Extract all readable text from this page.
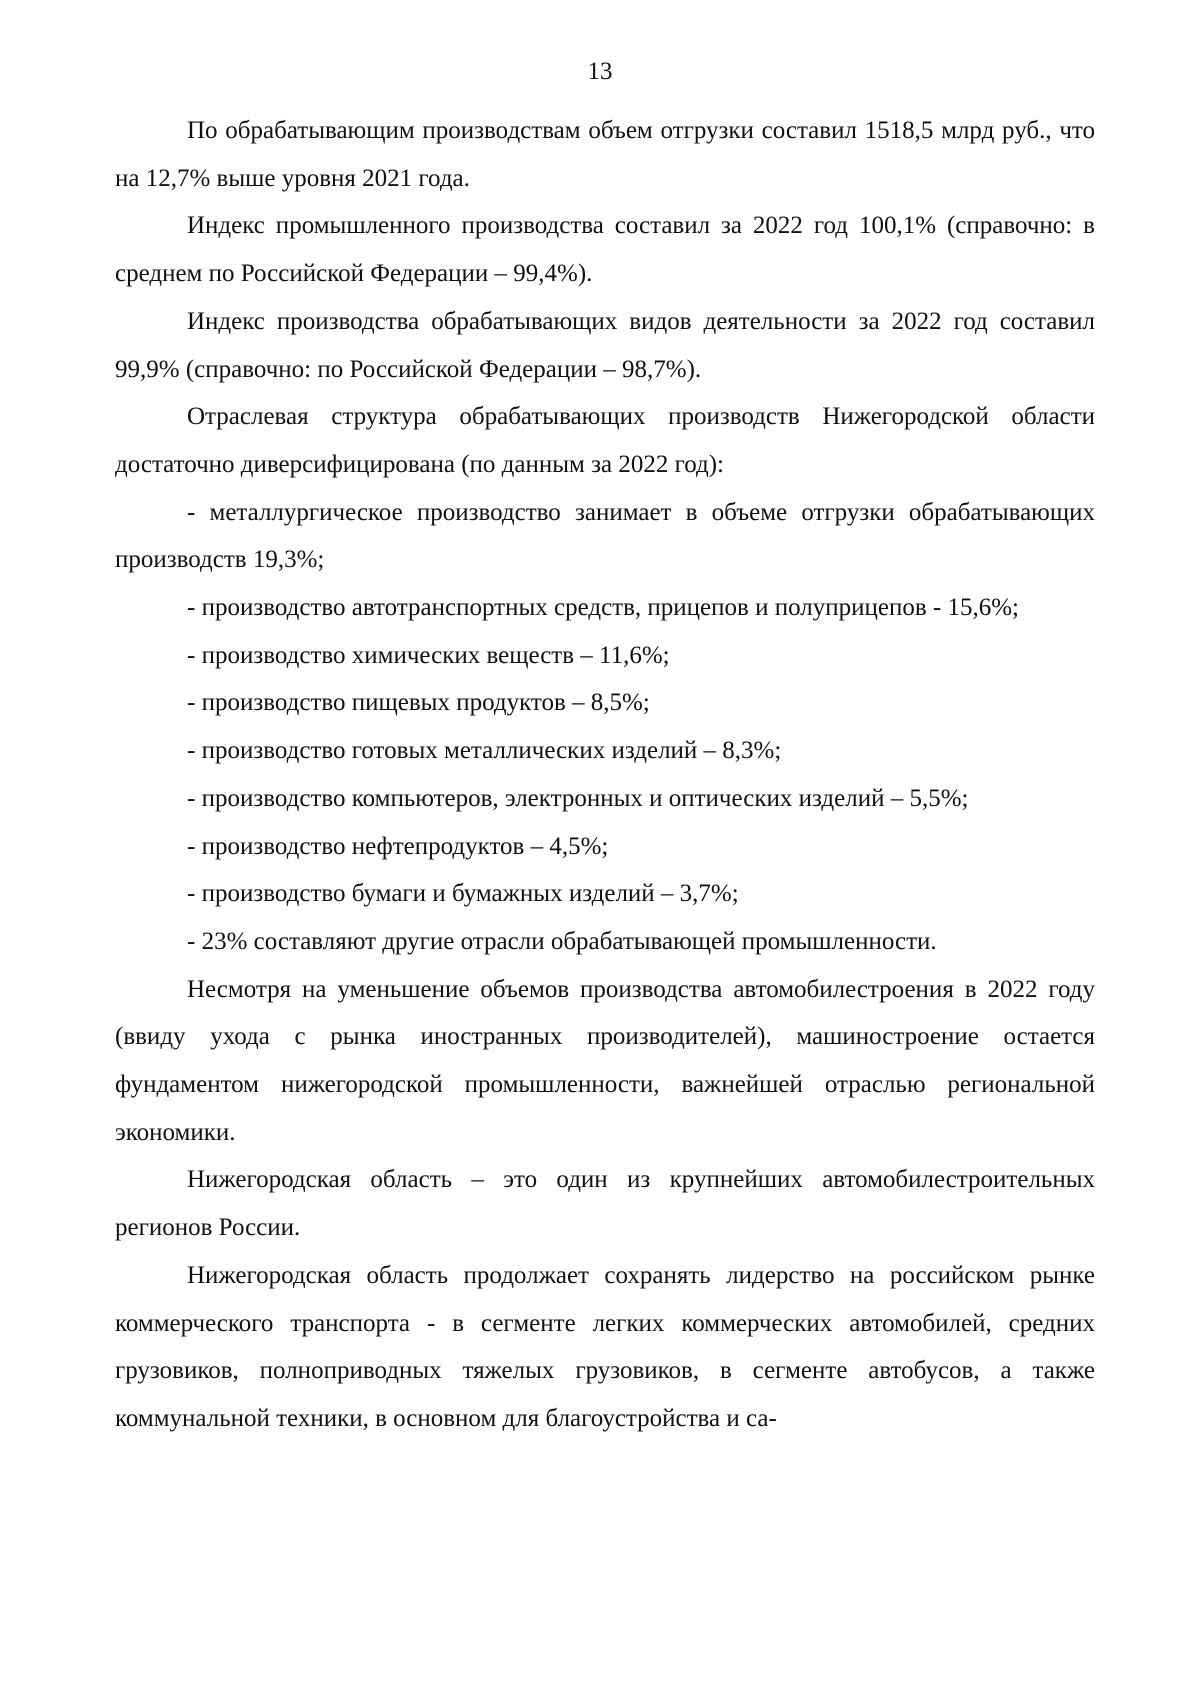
13

По обрабатывающим производствам объем отгрузки составил 1518,5 млрд руб., что на 12,7% выше уровня 2021 года.

Индекс промышленного производства составил за 2022 год 100,1% (справочно: в среднем по Российской Федерации – 99,4%).

Индекс производства обрабатывающих видов деятельности за 2022 год составил 99,9% (справочно: по Российской Федерации – 98,7%).

Отраслевая структура обрабатывающих производств Нижегородской области достаточно диверсифицирована (по данным за 2022 год):

- металлургическое производство занимает в объеме отгрузки обрабатывающих производств 19,3%;

- производство автотранспортных средств, прицепов и полуприцепов - 15,6%;

- производство химических веществ – 11,6%;

- производство пищевых продуктов – 8,5%;

- производство готовых металлических изделий – 8,3%;

- производство компьютеров, электронных и оптических изделий – 5,5%;

- производство нефтепродуктов – 4,5%;

- производство бумаги и бумажных изделий – 3,7%;

- 23% составляют другие отрасли обрабатывающей промышленности.

Несмотря на уменьшение объемов производства автомобилестроения в 2022 году (ввиду ухода с рынка иностранных производителей), машиностроение остается фундаментом нижегородской промышленности, важнейшей отраслью региональной экономики.

Нижегородская область – это один из крупнейших автомобилестроительных регионов России.

Нижегородская область продолжает сохранять лидерство на российском рынке коммерческого транспорта - в сегменте легких коммерческих автомобилей, средних грузовиков, полноприводных тяжелых грузовиков, в сегменте автобусов, а также коммунальной техники, в основном для благоустройства и са-
